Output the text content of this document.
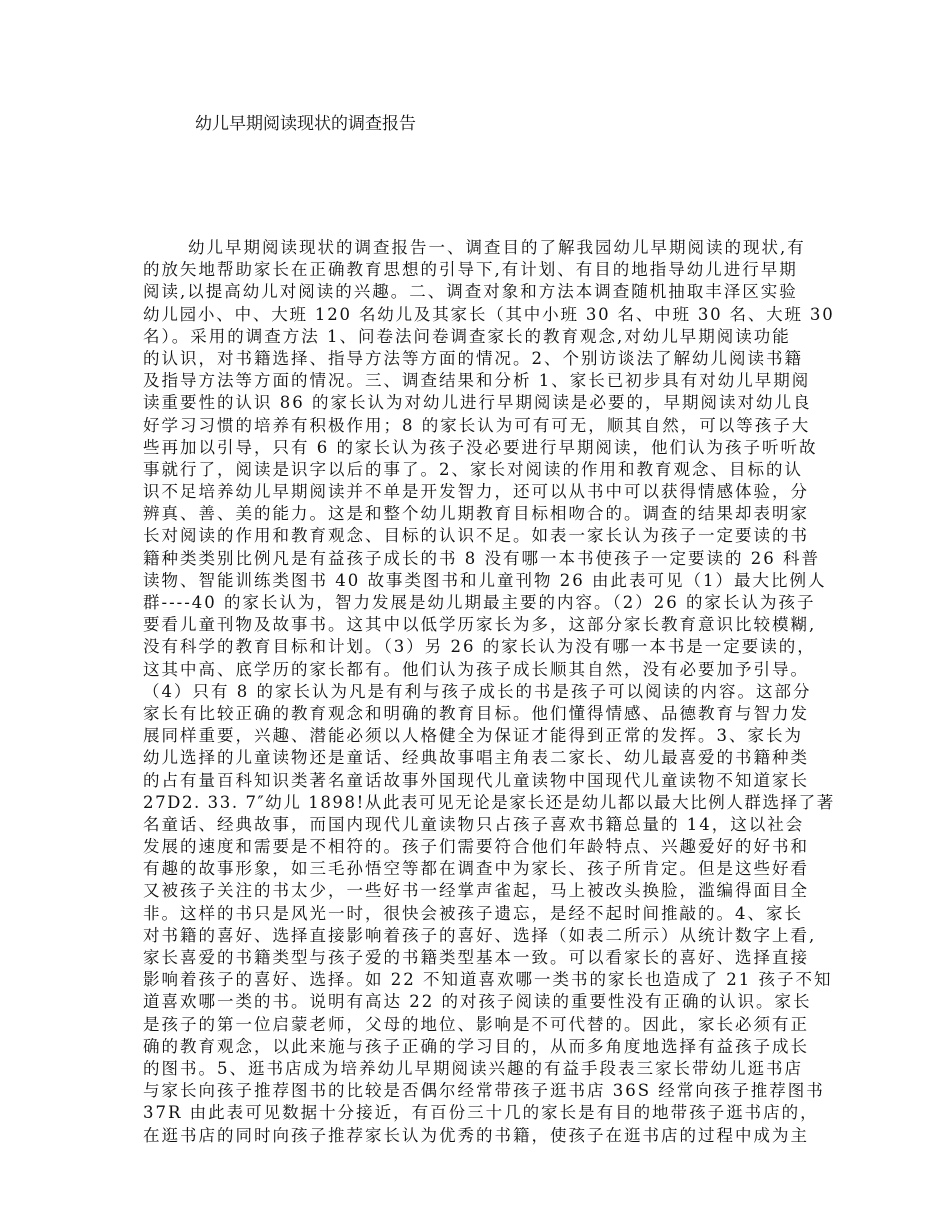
幼儿早期阅读现状的调查报告
幼儿早期阅读现状的调查报告一、调查目的了解我园幼儿早期阅读的现状,有
的放矢地帮助家长在正确教育思想的引导下,有计划、有目的地指导幼儿进行早期
阅读,以提高幼儿对阅读的兴趣。二、调查对象和方法本调查随机抽取丰泽区实验
幼儿园小、中、大班 120 名幼儿及其家长（其中小班 30 名、中班 30 名、大班 30
名）。采用的调查方法 1、问卷法问卷调查家长的教育观念,对幼儿早期阅读功能
的认识，对书籍选择、指导方法等方面的情况。2、个别访谈法了解幼儿阅读书籍
及指导方法等方面的情况。三、调查结果和分析 1、家长已初步具有对幼儿早期阅
读重要性的认识 86 的家长认为对幼儿进行早期阅读是必要的，早期阅读对幼儿良
好学习习惯的培养有积极作用；8 的家长认为可有可无，顺其自然，可以等孩子大
些再加以引导，只有 6 的家长认为孩子没必要进行早期阅读，他们认为孩子听听故
事就行了，阅读是识字以后的事了。2、家长对阅读的作用和教育观念、目标的认
识不足培养幼儿早期阅读并不单是开发智力，还可以从书中可以获得情感体验，分
辨真、善、美的能力。这是和整个幼儿期教育目标相吻合的。调查的结果却表明家
长对阅读的作用和教育观念、目标的认识不足。如表一家长认为孩子一定要读的书
籍种类类别比例凡是有益孩子成长的书 8 没有哪一本书使孩子一定要读的 26 科普
读物、智能训练类图书 40 故事类图书和儿童刊物 26 由此表可见（1）最大比例人
群----40 的家长认为，智力发展是幼儿期最主要的内容。（2）26 的家长认为孩子
要看儿童刊物及故事书。这其中以低学历家长为多，这部分家长教育意识比较模糊,
没有科学的教育目标和计划。（3）另 26 的家长认为没有哪一本书是一定要读的，
这其中高、底学历的家长都有。他们认为孩子成长顺其自然，没有必要加予引导。
（4）只有 8 的家长认为凡是有利与孩子成长的书是孩子可以阅读的内容。这部分
家长有比较正确的教育观念和明确的教育目标。他们懂得情感、品德教育与智力发
展同样重要，兴趣、潜能必须以人格健全为保证才能得到正常的发挥。3、家长为
幼儿选择的儿童读物还是童话、经典故事唱主角表二家长、幼儿最喜爱的书籍种类
的占有量百科知识类著名童话故事外国现代儿童读物中国现代儿童读物不知道家长
27D2. 33. 7″幼儿 1898!从此表可见无论是家长还是幼儿都以最大比例人群选择了著
名童话、经典故事，而国内现代儿童读物只占孩子喜欢书籍总量的 14，这以社会
发展的速度和需要是不相符的。孩子们需要符合他们年龄特点、兴趣爱好的好书和
有趣的故事形象，如三毛孙悟空等都在调查中为家长、孩子所肯定。但是这些好看
又被孩子关注的书太少，一些好书一经掌声雀起，马上被改头换脸，滥编得面目全
非。这样的书只是风光一时，很快会被孩子遗忘，是经不起时间推敲的。4、家长
对书籍的喜好、选择直接影响着孩子的喜好、选择（如表二所示）从统计数字上看,
家长喜爱的书籍类型与孩子爱的书籍类型基本一致。可以看家长的喜好、选择直接
影响着孩子的喜好、选择。如 22 不知道喜欢哪一类书的家长也造成了 21 孩子不知
道喜欢哪一类的书。说明有高达 22 的对孩子阅读的重要性没有正确的认识。家长
是孩子的第一位启蒙老师，父母的地位、影响是不可代替的。因此，家长必须有正
确的教育观念，以此来施与孩子正确的学习目的，从而多角度地选择有益孩子成长
的图书。5、逛书店成为培养幼儿早期阅读兴趣的有益手段表三家长带幼儿逛书店
与家长向孩子推荐图书的比较是否偶尔经常带孩子逛书店 36S 经常向孩子推荐图书
37R 由此表可见数据十分接近，有百份三十几的家长是有目的地带孩子逛书店的，
在逛书店的同时向孩子推荐家长认为优秀的书籍，使孩子在逛书店的过程中成为主
